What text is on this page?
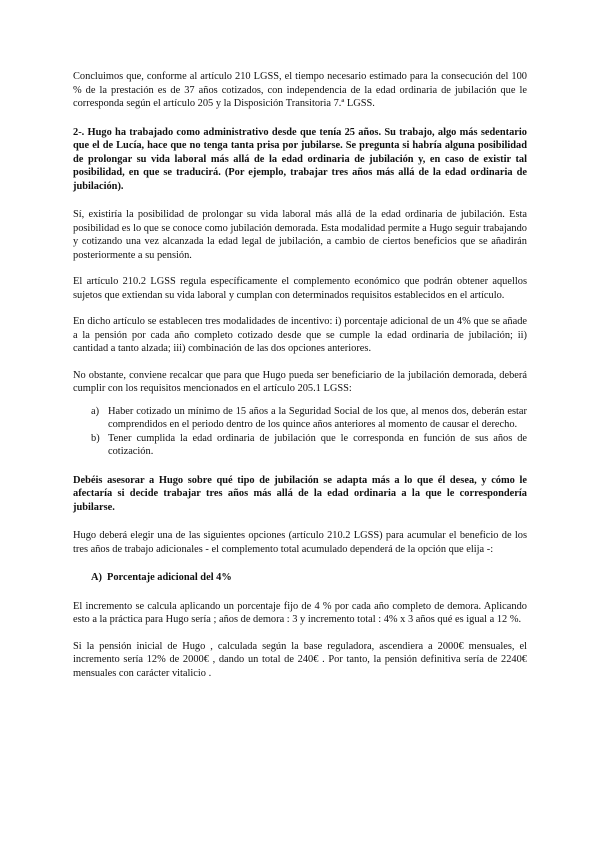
Concluimos que, conforme al artículo 210 LGSS, el tiempo necesario estimado para la consecución del 100 % de la prestación es de 37 años cotizados, con independencia de la edad ordinaria de jubilación que le corresponda según el artículo 205 y la Disposición Transitoria 7.ª LGSS.

2-. Hugo ha trabajado como administrativo desde que tenía 25 años. Su trabajo, algo más sedentario que el de Lucía, hace que no tenga tanta prisa por jubilarse. Se pregunta si habría alguna posibilidad de prolongar su vida laboral más allá de la edad ordinaria de jubilación y, en caso de existir tal posibilidad, en que se traducirá. (Por ejemplo, trabajar tres años más allá de la edad ordinaria de jubilación).

Sí, existiría la posibilidad de prolongar su vida laboral más allá de la edad ordinaria de jubilación. Esta posibilidad es lo que se conoce como jubilación demorada. Esta modalidad permite a Hugo seguir trabajando y cotizando una vez alcanzada la edad legal de jubilación, a cambio de ciertos beneficios que se añadirán posteriormente a su pensión.

El artículo 210.2 LGSS regula específicamente el complemento económico que podrán obtener aquellos sujetos que extiendan su vida laboral y cumplan con determinados requisitos establecidos en el artículo.

En dicho artículo se establecen tres modalidades de incentivo: i) porcentaje adicional de un 4% que se añade a la pensión por cada año completo cotizado desde que se cumple la edad ordinaria de jubilación; ii) cantidad a tanto alzada; iii) combinación de las dos opciones anteriores.

No obstante, conviene recalcar que para que Hugo pueda ser beneficiario de la jubilación demorada, deberá cumplir con los requisitos mencionados en el artículo 205.1 LGSS:

a) Haber cotizado un mínimo de 15 años a la Seguridad Social de los que, al menos dos, deberán estar comprendidos en el periodo dentro de los quince años anteriores al momento de causar el derecho.
b) Tener cumplida la edad ordinaria de jubilación que le corresponda en función de sus años de cotización.

Debéis asesorar a Hugo sobre qué tipo de jubilación se adapta más a lo que él desea, y cómo le afectaría si decide trabajar tres años más allá de la edad ordinaria a la que le correspondería jubilarse.

Hugo deberá elegir una de las siguientes opciones (artículo 210.2 LGSS) para acumular el beneficio de los tres años de trabajo adicionales - el complemento total acumulado dependerá de la opción que elija -:

A) Porcentaje adicional del 4%

El incremento se calcula aplicando un porcentaje fijo de 4 % por cada año completo de demora. Aplicando esto a la práctica para Hugo sería ; años de demora : 3 y incremento total : 4% x 3 años qué es igual a 12 %.

Si la pensión inicial de Hugo , calculada según la base reguladora, ascendiera a 2000€ mensuales, el incremento sería 12% de 2000€ , dando un total de 240€ . Por tanto, la pensión definitiva sería de 2240€ mensuales con carácter vitalicio .
